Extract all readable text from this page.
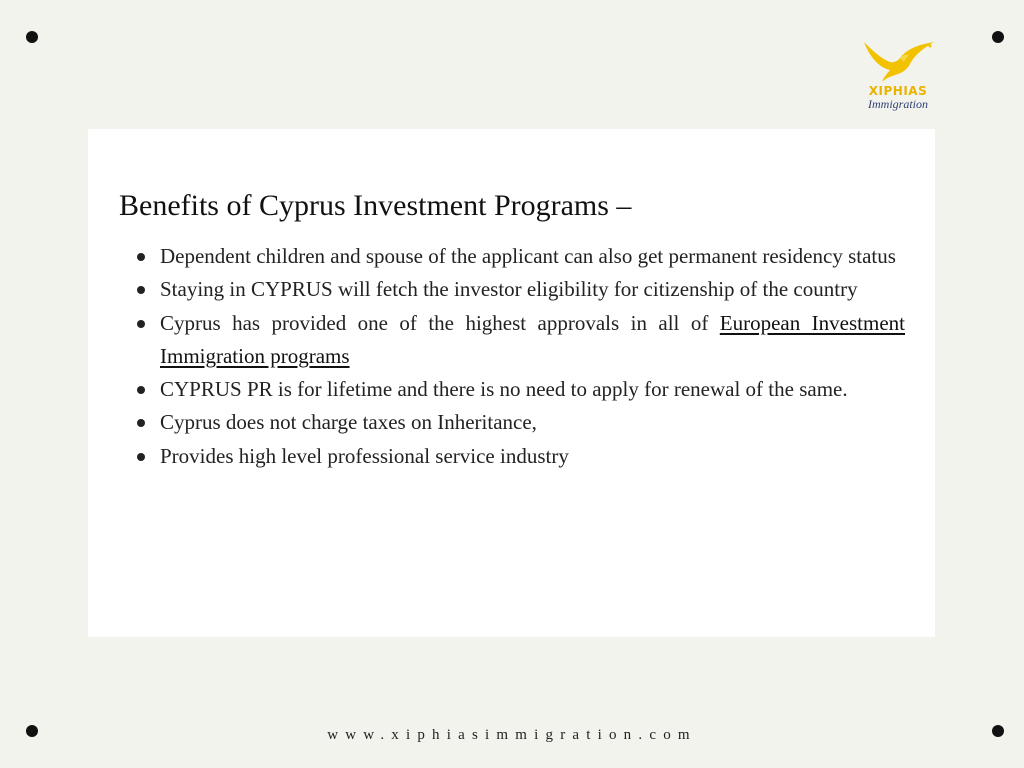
XIPHIAS
Immigration
Benefits of Cyprus Investment Programs –
Dependent children and spouse of the applicant can also get permanent residency status
Staying in CYPRUS will fetch the investor eligibility for citizenship of the country
Cyprus has provided one of the highest approvals in all of European Investment Immigration programs
CYPRUS PR is for lifetime and there is no need to apply for renewal of the same.
Cyprus does not charge taxes on Inheritance,
Provides high level professional service industry
www.xiphiasimmigration.com
